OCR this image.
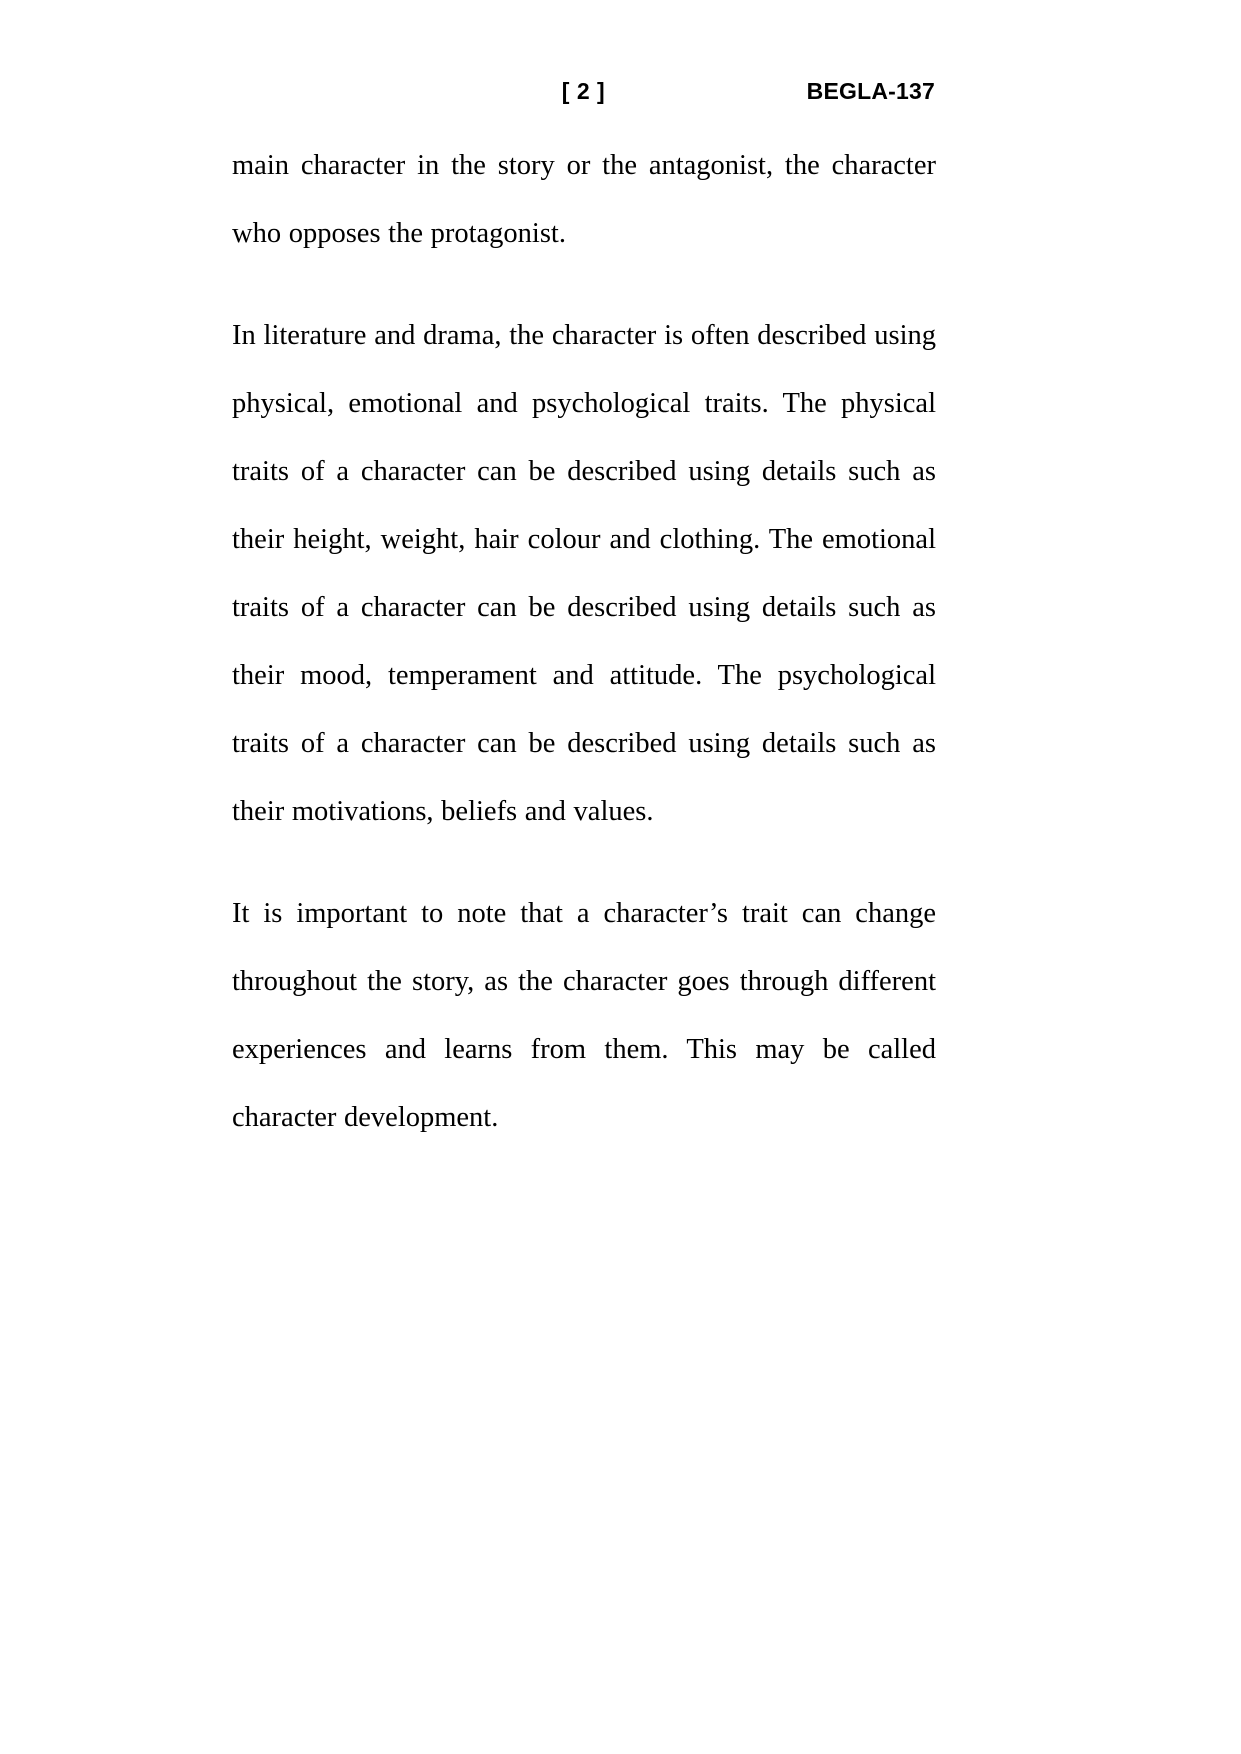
[ 2 ]	BEGLA-137

main character in the story or the antagonist, the character who opposes the protagonist.

In literature and drama, the character is often described using physical, emotional and psychological traits. The physical traits of a character can be described using details such as their height, weight, hair colour and clothing. The emotional traits of a character can be described using details such as their mood, temperament and attitude. The psychological traits of a character can be described using details such as their motivations, beliefs and values.

It is important to note that a character’s trait can change throughout the story, as the character goes through different experiences and learns from them. This may be called character development.
